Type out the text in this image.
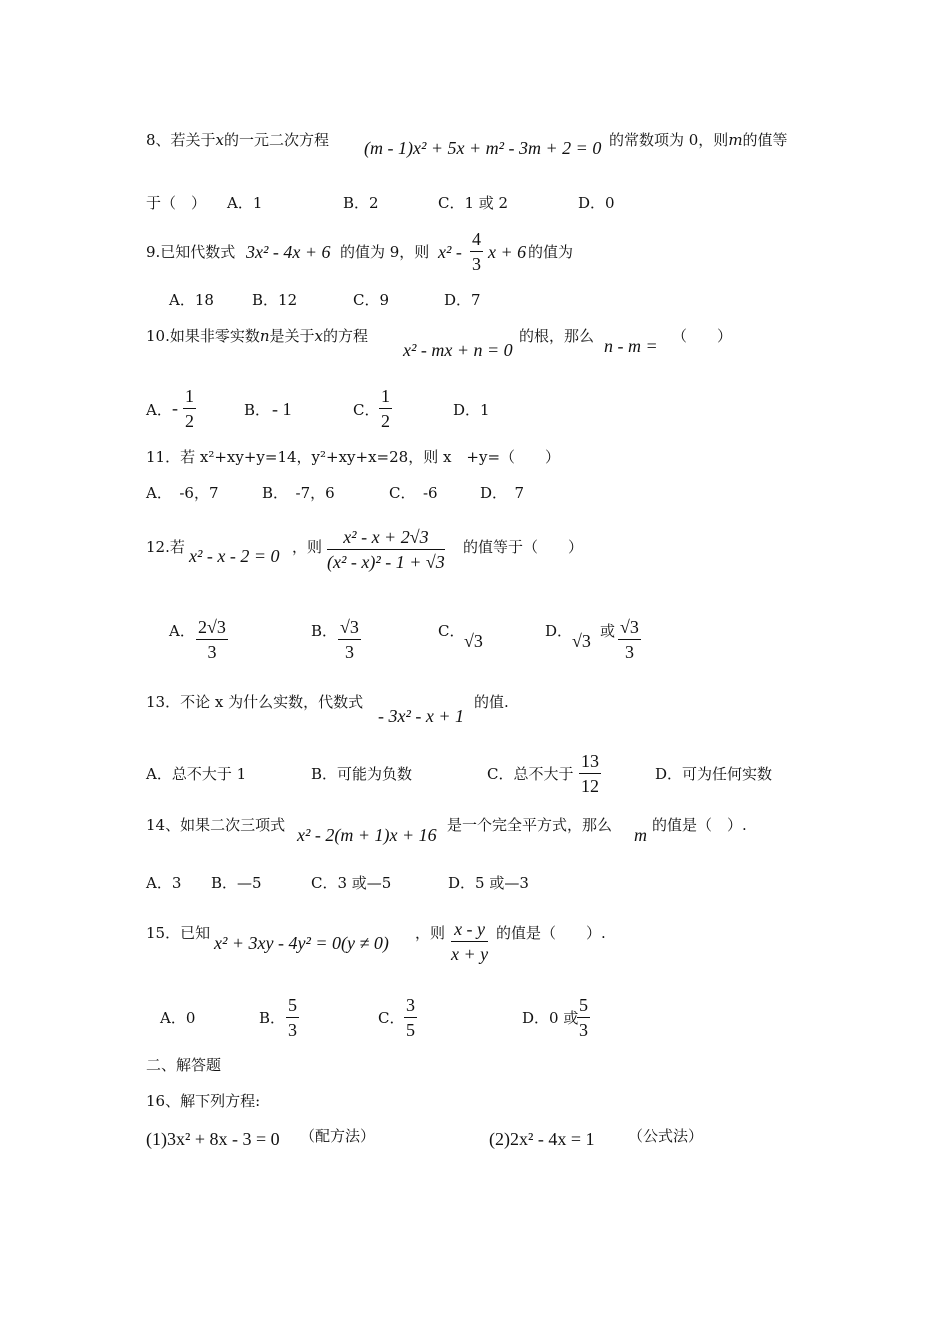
8、若关于x的一元二次方程 (m - 1)x² + 5x + m² - 3m + 2 = 0 的常数项为 0，则m的值等
于（　） A．1	B．2	C．1 或 2	D．0
9.已知代数式 3x² - 4x + 6 的值为 9，则 $x^2 - \frac{4}{3}$ x + 6 的值为
A．18	B．12	C．9	D．7
10.如果非零实数n是关于x的方程
x² - mx + n = 0
的根，那么 n - m = （　　）
A． - $\frac{1}{2}$	B． - 1	C． $\frac{1}{2}$	D．1
11．若 x²+xy+y=14，y²+xy+x=28，则 x　+y=（　　）
A．　-6，7	B．　-7，6	C．　-6	D．　7
12.若 x² - x - 2 = 0 ，则 $\frac{\text{x² - x + 2√3}}{\text{(x² - x)² - 1 + √3}}$ 的值等于（　　）
A． $\frac{2√3}{3}$	B． $\frac{√3}{3}$	C． √3	D． √3 或 $\frac{√3}{3}$
13．不论 x 为什么实数，代数式
- 3x² - x + 1
的值.
A．总不大于 1	B．可能为负数	C．总不大于 $\frac{13}{12}$	D．可为任何实数
14、如果二次三项式 x² - 2(m + 1)x + 16 是一个完全平方式，那么 m 的值是（　）.
A．3 B．—5	C．3 或—5	D．5 或—3
15．已知 x² + 3xy - 4y² = 0(y ≠ 0) ，则 $\frac{x - y}{x + y}$ 的值是（　　）.
A．0	B． $\frac{5}{3}$	C． $\frac{3}{5}$	D．0 或
$\frac{5}{3}$
二、解答题
16、解下列方程:
(1)3x² + 8x - 3 = 0 （配方法）	(2)2x² - 4x = 1 （公式法）
